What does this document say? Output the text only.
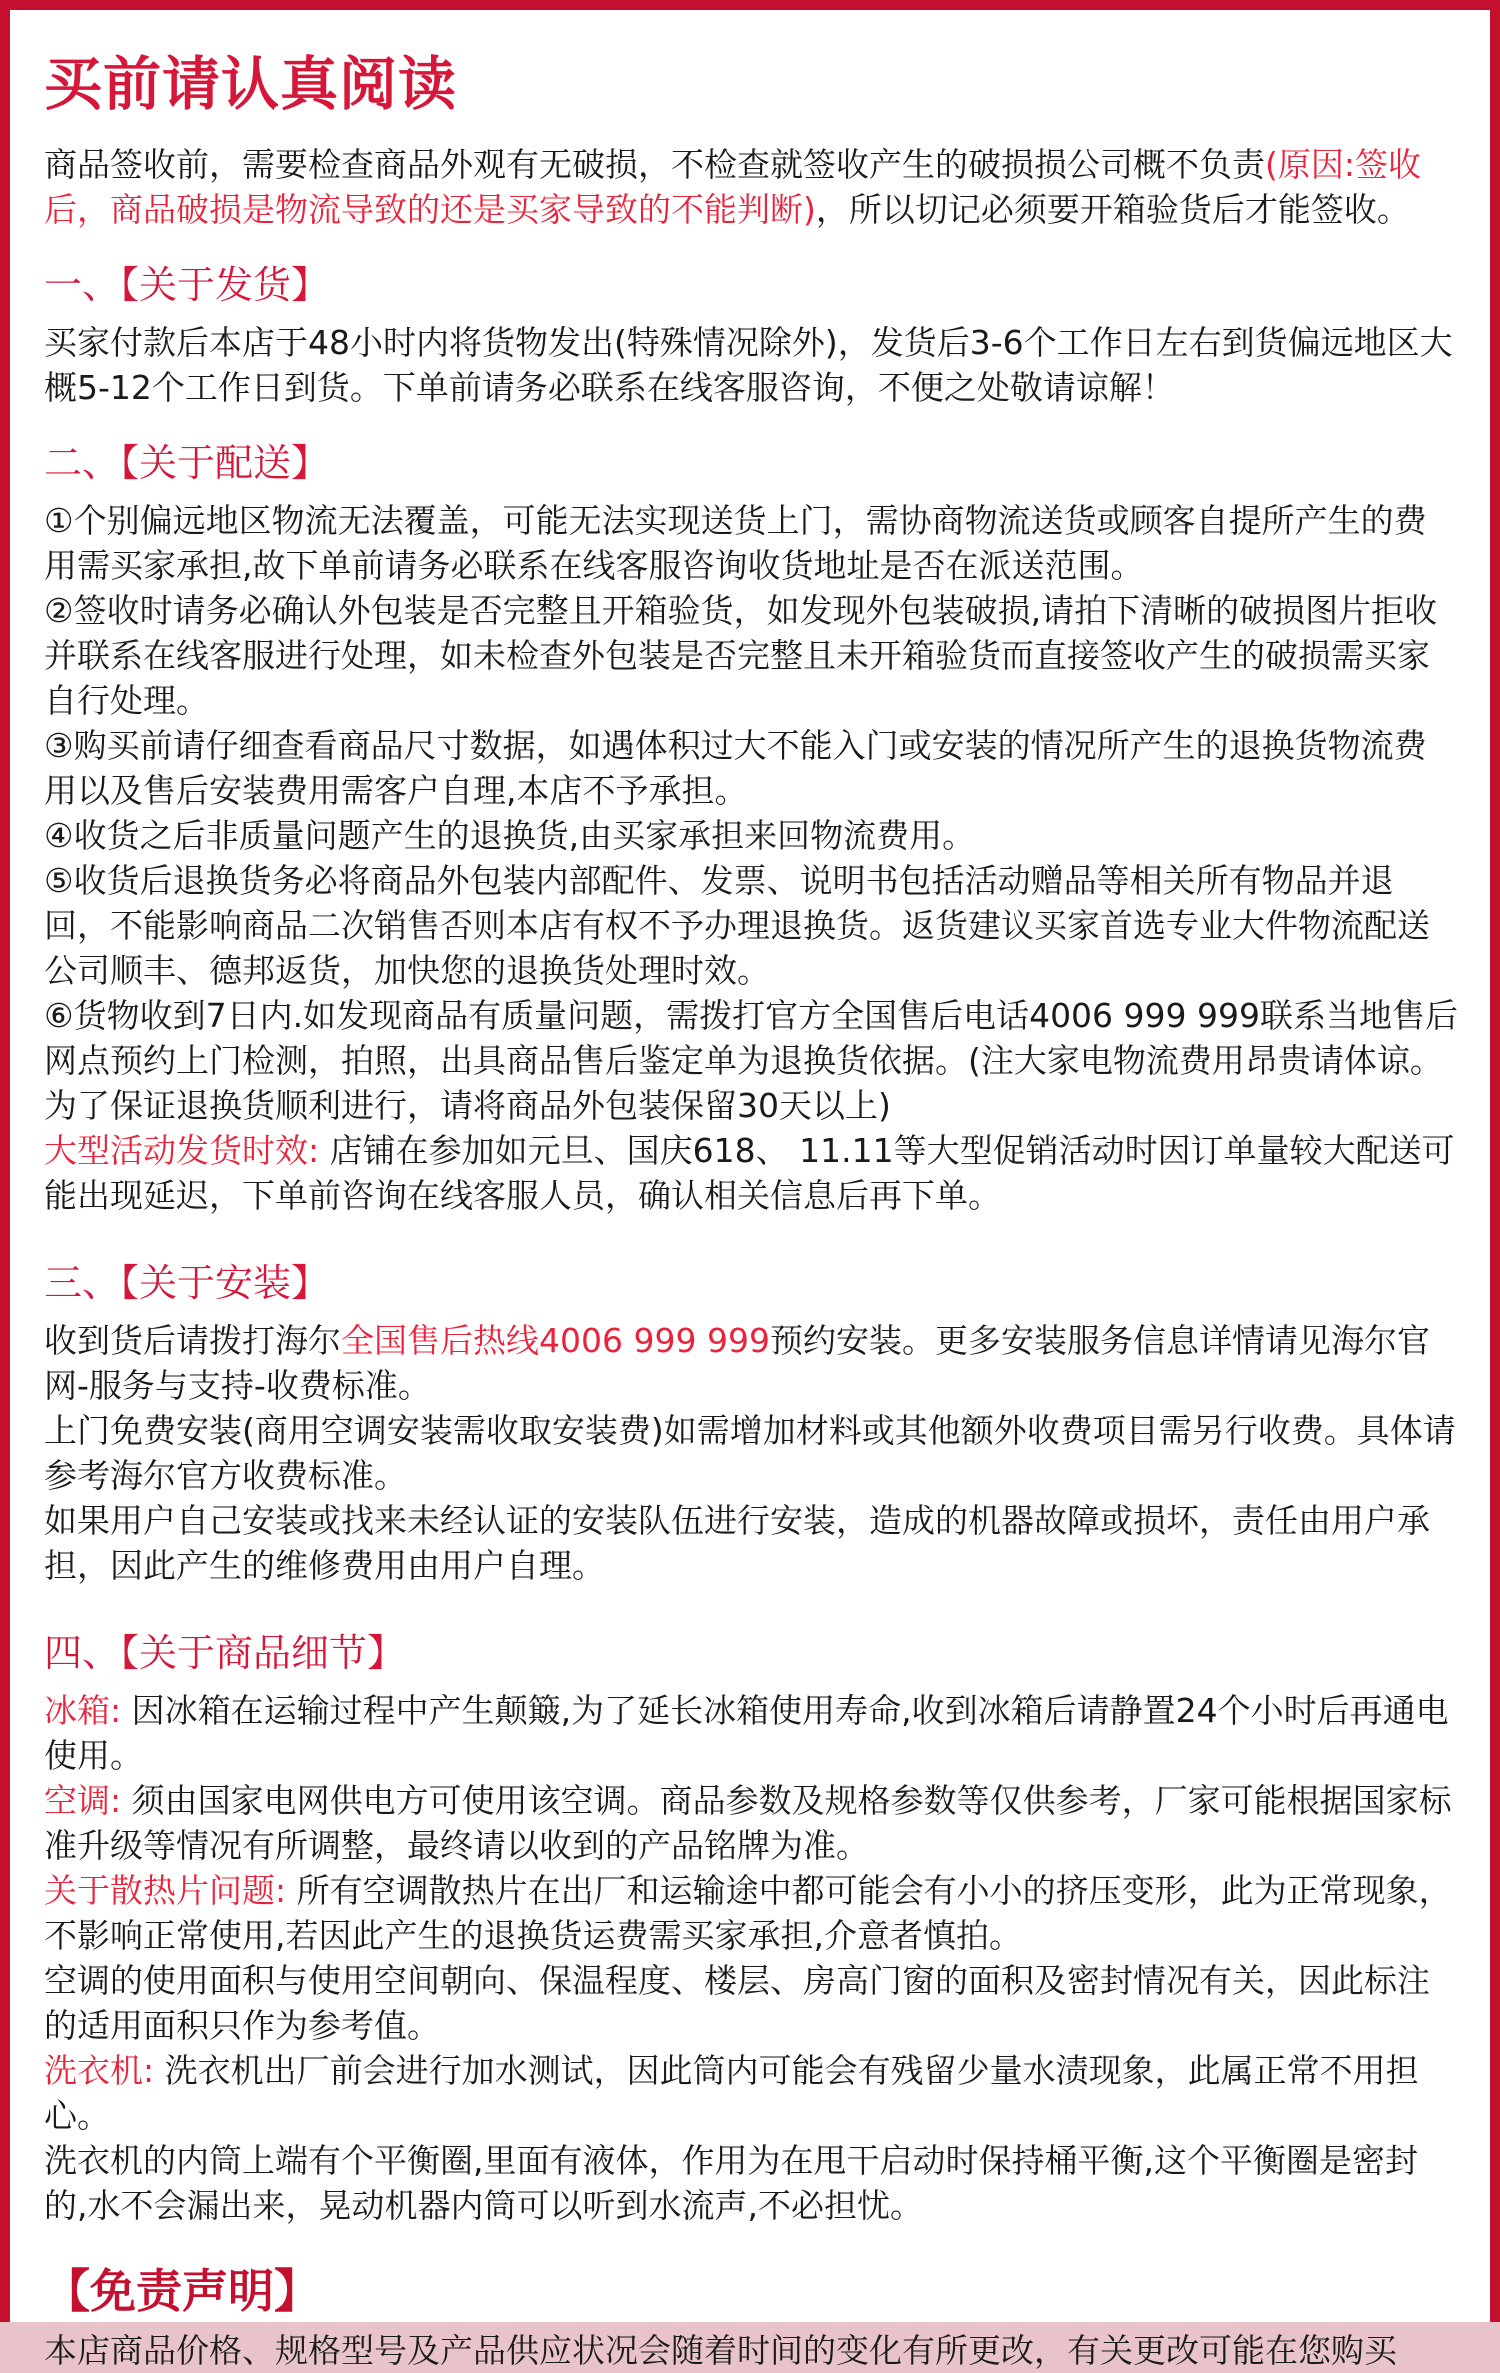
买前请认真阅读

商品签收前，需要检查商品外观有无破损，不检查就签收产生的破损损公司概不负责(原因:签收后，商品破损是物流导致的还是买家导致的不能判断)，所以切记必须要开箱验货后才能签收。

一、【关于发货】

买家付款后本店于48小时内将货物发出(特殊情况除外)，发货后3-6个工作日左右到货偏远地区大概5-12个工作日到货。下单前请务必联系在线客服咨询，不便之处敬请谅解！

二、【关于配送】

①个别偏远地区物流无法覆盖，可能无法实现送货上门，需协商物流送货或顾客自提所产生的费用需买家承担,故下单前请务必联系在线客服咨询收货地址是否在派送范围。

②签收时请务必确认外包装是否完整且开箱验货，如发现外包装破损,请拍下清晰的破损图片拒收并联系在线客服进行处理，如未检查外包装是否完整且未开箱验货而直接签收产生的破损需买家自行处理。

③购买前请仔细查看商品尺寸数据，如遇体积过大不能入门或安装的情况所产生的退换货物流费用以及售后安装费用需客户自理,本店不予承担。

④收货之后非质量问题产生的退换货,由买家承担来回物流费用。

⑤收货后退换货务必将商品外包装内部配件、发票、说明书包括活动赠品等相关所有物品并退回，不能影响商品二次销售否则本店有权不予办理退换货。返货建议买家首选专业大件物流配送公司顺丰、德邦返货，加快您的退换货处理时效。

⑥货物收到7日内.如发现商品有质量问题，需拨打官方全国售后电话4006 999 999联系当地售后网点预约上门检测，拍照，出具商品售后鉴定单为退换货依据。(注大家电物流费用昂贵请体谅。为了保证退换货顺利进行，请将商品外包装保留30天以上)

大型活动发货时效: 店铺在参加如元旦、国庆618、 11.11等大型促销活动时因订单量较大配送可能出现延迟，下单前咨询在线客服人员，确认相关信息后再下单。

三、【关于安装】

收到货后请拨打海尔全国售后热线4006 999 999预约安装。更多安装服务信息详情请见海尔官网-服务与支持-收费标准。

上门免费安装(商用空调安装需收取安装费)如需增加材料或其他额外收费项目需另行收费。具体请参考海尔官方收费标准。

如果用户自己安装或找来未经认证的安装队伍进行安装，造成的机器故障或损坏，责任由用户承担，因此产生的维修费用由用户自理。

四、【关于商品细节】

冰箱: 因冰箱在运输过程中产生颠簸,为了延长冰箱使用寿命,收到冰箱后请静置24个小时后再通电使用。

空调: 须由国家电网供电方可使用该空调。商品参数及规格参数等仅供参考，厂家可能根据国家标准升级等情况有所调整，最终请以收到的产品铭牌为准。

关于散热片问题: 所有空调散热片在出厂和运输途中都可能会有小小的挤压变形，此为正常现象，不影响正常使用,若因此产生的退换货运费需买家承担,介意者慎拍。

空调的使用面积与使用空间朝向、保温程度、楼层、房高门窗的面积及密封情况有关，因此标注的适用面积只作为参考值。

洗衣机: 洗衣机出厂前会进行加水测试，因此筒内可能会有残留少量水渍现象，此属正常不用担心。

洗衣机的内筒上端有个平衡圈,里面有液体，作用为在甩干启动时保持桶平衡,这个平衡圈是密封的,水不会漏出来，晃动机器内筒可以听到水流声,不必担忧。

【免责声明】

本店商品价格、规格型号及产品供应状况会随着时间的变化有所更改，有关更改可能在您购买
